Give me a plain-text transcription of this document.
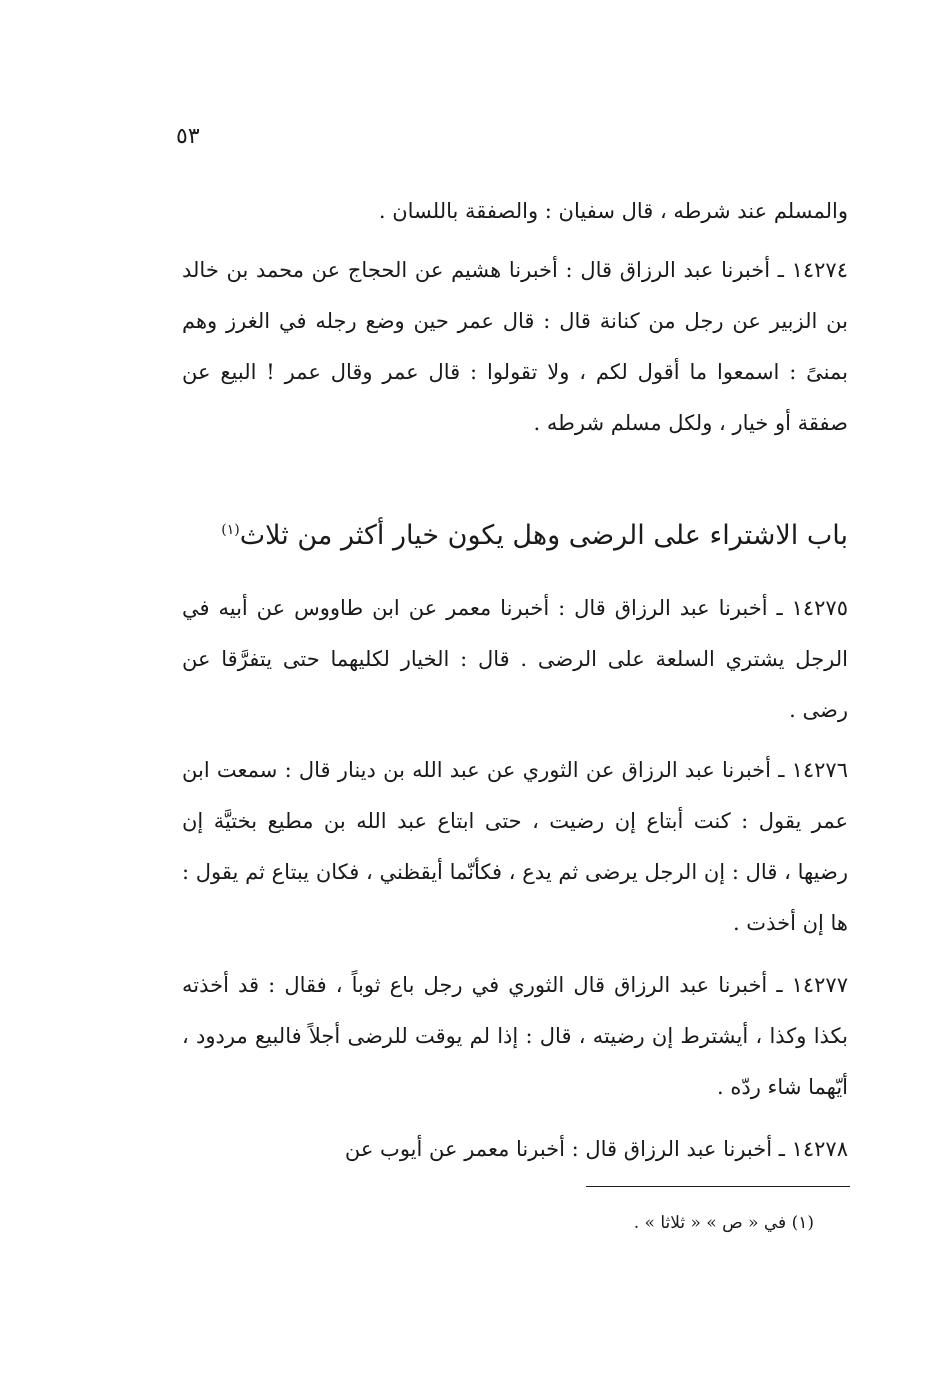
٥٣

والمسلم عند شرطه ، قال سفيان : والصفقة باللسان .

١٤٢٧٤ ـ أخبرنا عبد الرزاق قال : أخبرنا هشيم عن الحجاج عن محمد بن خالد بن الزبير عن رجل من كنانة قال : قال عمر حين وضع رجله في الغرز وهم بمنىً : اسمعوا ما أقول لكم ، ولا تقولوا : قال عمر وقال عمر ! البيع عن صفقة أو خيار ، ولكل مسلم شرطه .

باب الاشتراء على الرضى وهل يكون خيار أكثر من ثلاث$^{(١)}$

١٤٢٧٥ ـ أخبرنا عبد الرزاق قال : أخبرنا معمر عن ابن طاووس عن أبيه في الرجل يشتري السلعة على الرضى . قال : الخيار لكليهما حتى يتفرَّقا عن رضى .

١٤٢٧٦ ـ أخبرنا عبد الرزاق عن الثوري عن عبد الله بن دينار قال : سمعت ابن عمر يقول : كنت أبتاع إن رضيت ، حتى ابتاع عبد الله بن مطيع بختيَّة إن رضيها ، قال : إن الرجل يرضى ثم يدع ، فكأنّما أيقظني ، فكان يبتاع ثم يقول : ها إن أخذت .

١٤٢٧٧ ـ أخبرنا عبد الرزاق قال الثوري في رجل باع ثوباً ، فقال : قد أخذته بكذا وكذا ، أيشترط إن رضيته ، قال : إذا لم يوقت للرضى أجلاً فالبيع مردود ، أيّهما شاء ردّه .

١٤٢٧٨ ـ أخبرنا عبد الرزاق قال : أخبرنا معمر عن أيوب عن

(١) في « ص » « ثلاثا » .
